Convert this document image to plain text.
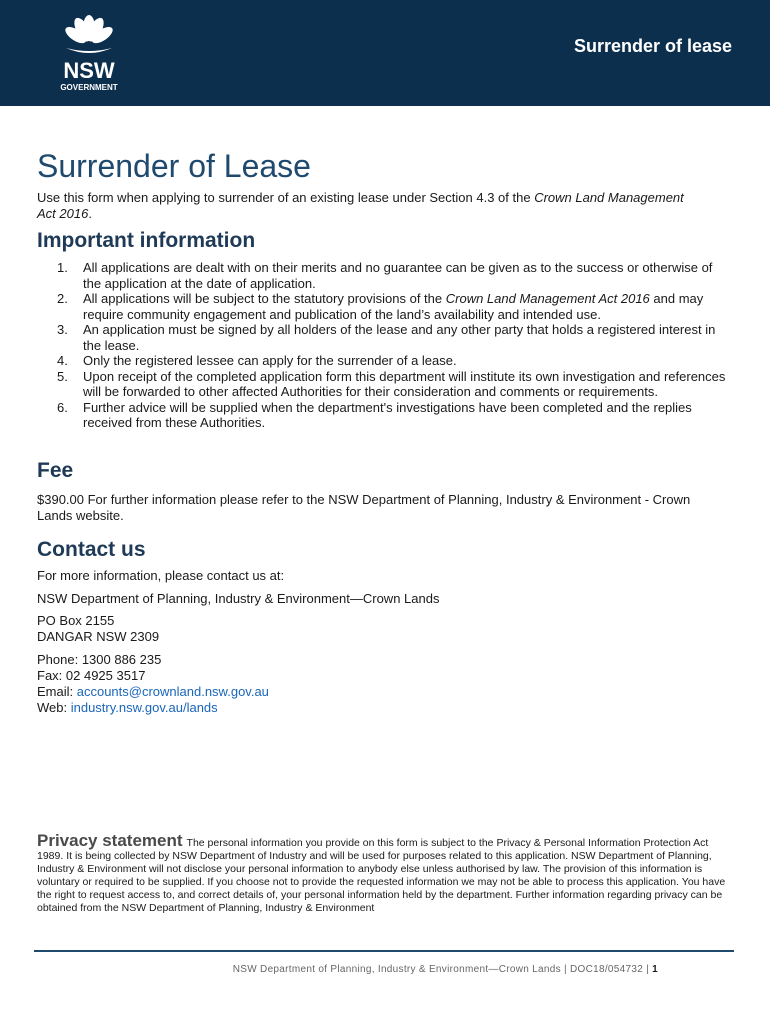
NSW
GOVERNMENT
Surrender of lease
Surrender of Lease

Use this form when applying to surrender of an existing lease under Section 4.3 of the Crown Land Management Act 2016.

Important information
1. All applications are dealt with on their merits and no guarantee can be given as to the success or otherwise of the application at the date of application.
2. All applications will be subject to the statutory provisions of the Crown Land Management Act 2016 and may require community engagement and publication of the land’s availability and intended use.
3. An application must be signed by all holders of the lease and any other party that holds a registered interest in the lease.
4. Only the registered lessee can apply for the surrender of a lease.
5. Upon receipt of the completed application form this department will institute its own investigation and references will be forwarded to other affected Authorities for their consideration and comments or requirements.
6. Further advice will be supplied when the department's investigations have been completed and the replies received from these Authorities.
Fee

$390.00 For further information please refer to the NSW Department of Planning, Industry & Environment - Crown Lands website.

Contact us

For more information, please contact us at:

NSW Department of Planning, Industry & Environment—Crown Lands

PO Box 2155
DANGAR NSW 2309

Phone: 1300 886 235
Fax: 02 4925 3517
Email: accounts@crownland.nsw.gov.au
Web: industry.nsw.gov.au/lands

Privacy statement The personal information you provide on this form is subject to the Privacy & Personal Information Protection Act 1989. It is being collected by NSW Department of Industry and will be used for purposes related to this application. NSW Department of Planning, Industry & Environment will not disclose your personal information to anybody else unless authorised by law. The provision of this information is voluntary or required to be supplied. If you choose not to provide the requested information we may not be able to process this application. You have the right to request access to, and correct details of, your personal information held by the department. Further information regarding privacy can be obtained from the NSW Department of Planning, Industry & Environment

NSW Department of Planning, Industry & Environment—Crown Lands | DOC18/054732 | 1
